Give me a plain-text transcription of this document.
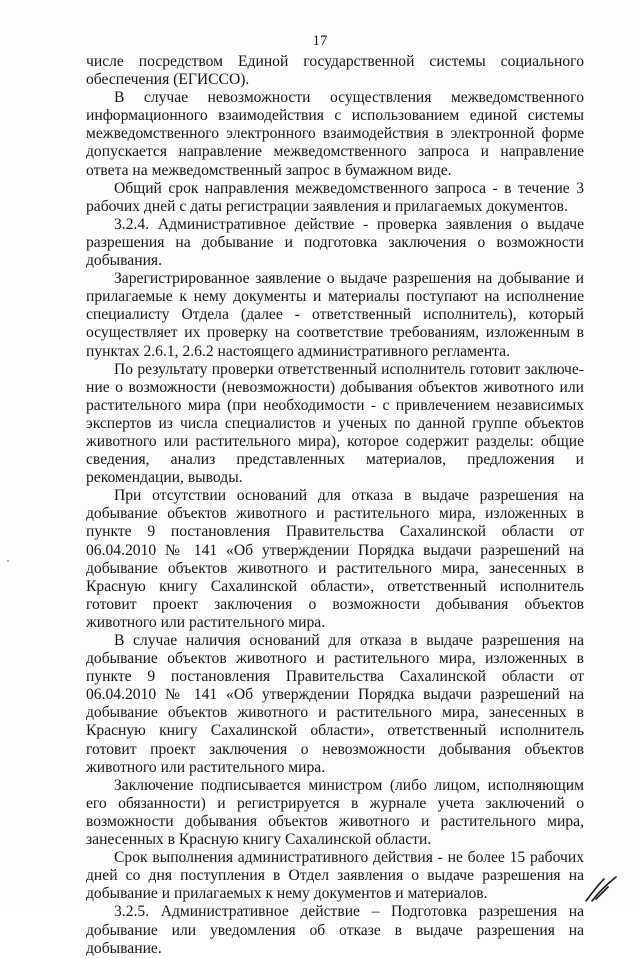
17

числе посредством Единой государственной системы социального обеспечения (ЕГИССО).

В случае невозможности осуществления межведомственного информационного взаимодействия с использованием единой системы межведомственного электронного взаимодействия в электронной форме допускается направление межведомственного запроса и направление ответа на межведомственный запрос в бумажном виде.

Общий срок направления межведомственного запроса - в течение 3 рабочих дней с даты регистрации заявления и прилагаемых документов.

3.2.4. Административное действие - проверка заявления о выдаче разрешения на добывание и подготовка заключения о возможности добывания.

Зарегистрированное заявление о выдаче разрешения на добывание и прилагаемые к нему документы и материалы поступают на исполнение специалисту Отдела (далее - ответственный исполнитель), который осуществляет их проверку на соответствие требованиям, изложенным в пунктах 2.6.1, 2.6.2 настоящего административного регламента.

По результату проверки ответственный исполнитель готовит заключение о возможности (невозможности) добывания объектов животного или растительного мира (при необходимости - с привлечением независимых экспертов из числа специалистов и ученых по данной группе объектов животного или растительного мира), которое содержит разделы: общие сведения, анализ представленных материалов, предложения и рекомендации, выводы.

При отсутствии оснований для отказа в выдаче разрешения на добывание объектов животного и растительного мира, изложенных в пункте 9 постановления Правительства Сахалинской области от 06.04.2010 № 141 «Об утверждении Порядка выдачи разрешений на добывание объектов животного и растительного мира, занесенных в Красную книгу Сахалинской области», ответственный исполнитель готовит проект заключения о возможности добывания объектов животного или растительного мира.

В случае наличия оснований для отказа в выдаче разрешения на добывание объектов животного и растительного мира, изложенных в пункте 9 постановления Правительства Сахалинской области от 06.04.2010 № 141 «Об утверждении Порядка выдачи разрешений на добывание объектов животного и растительного мира, занесенных в Красную книгу Сахалинской области», ответственный исполнитель готовит проект заключения о невозможности добывания объектов животного или растительного мира.

Заключение подписывается министром (либо лицом, исполняющим его обязанности) и регистрируется в журнале учета заключений о возможности добывания объектов животного и растительного мира, занесенных в Красную книгу Сахалинской области.

Срок выполнения административного действия - не более 15 рабочих дней со дня поступления в Отдел заявления о выдаче разрешения на добывание и прилагаемых к нему документов и материалов.

3.2.5. Административное действие – Подготовка разрешения на добывание или уведомления об отказе в выдаче разрешения на добывание.
